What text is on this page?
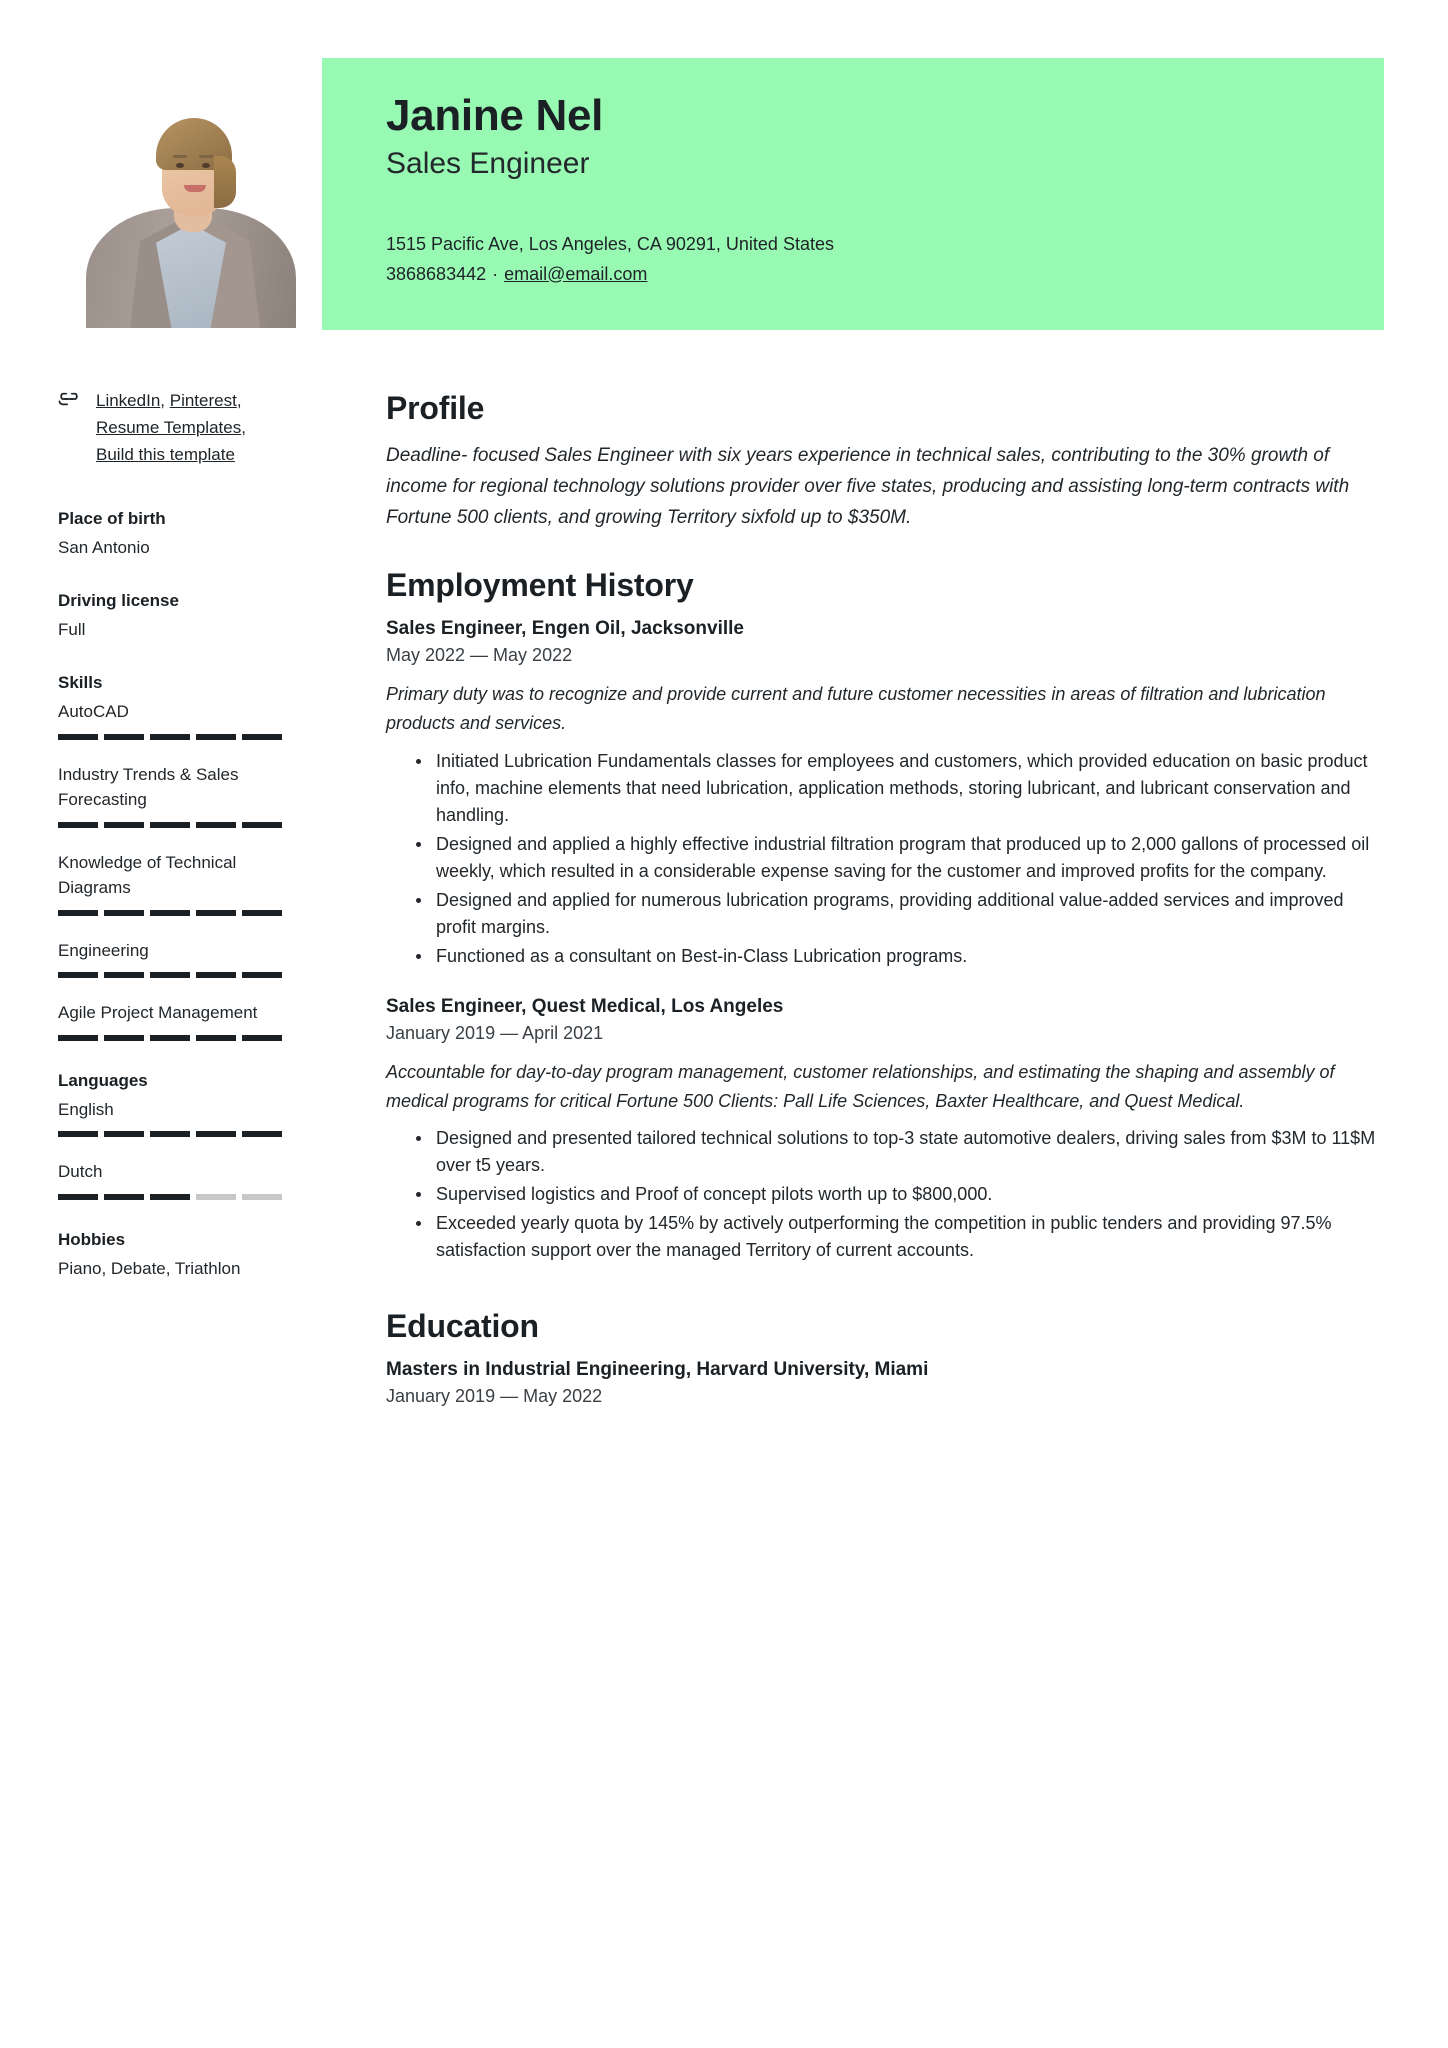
Janine Nel
Sales Engineer
1515 Pacific Ave, Los Angeles, CA 90291, United States
3868683442 · email@email.com
LinkedIn, Pinterest, Resume Templates, Build this template
Place of birth
San Antonio
Driving license
Full
Skills
AutoCAD
Industry Trends & Sales Forecasting
Knowledge of Technical Diagrams
Engineering
Agile Project Management
Languages
English
Dutch
Hobbies
Piano, Debate, Triathlon
Profile

Deadline- focused Sales Engineer with six years experience in technical sales, contributing to the 30% growth of income for regional technology solutions provider over five states, producing and assisting long-term contracts with Fortune 500 clients, and growing Territory sixfold up to $350M.

Employment History
Sales Engineer, Engen Oil, Jacksonville
May 2022 — May 2022
Primary duty was to recognize and provide current and future customer necessities in areas of filtration and lubrication products and services.
Initiated Lubrication Fundamentals classes for employees and customers, which provided education on basic product info, machine elements that need lubrication, application methods, storing lubricant, and lubricant conservation and handling.
Designed and applied a highly effective industrial filtration program that produced up to 2,000 gallons of processed oil weekly, which resulted in a considerable expense saving for the customer and improved profits for the company.
Designed and applied for numerous lubrication programs, providing additional value-added services and improved profit margins.
Functioned as a consultant on Best-in-Class Lubrication programs.
Sales Engineer, Quest Medical, Los Angeles
January 2019 — April 2021
Accountable for day-to-day program management, customer relationships, and estimating the shaping and assembly of medical programs for critical Fortune 500 Clients: Pall Life Sciences, Baxter Healthcare, and Quest Medical.
Designed and presented tailored technical solutions to top-3 state automotive dealers, driving sales from $3M to 11$M over t5 years.
Supervised logistics and Proof of concept pilots worth up to $800,000.
Exceeded yearly quota by 145% by actively outperforming the competition in public tenders and providing 97.5% satisfaction support over the managed Territory of current accounts.
Education
Masters in Industrial Engineering, Harvard University, Miami
January 2019 — May 2022
